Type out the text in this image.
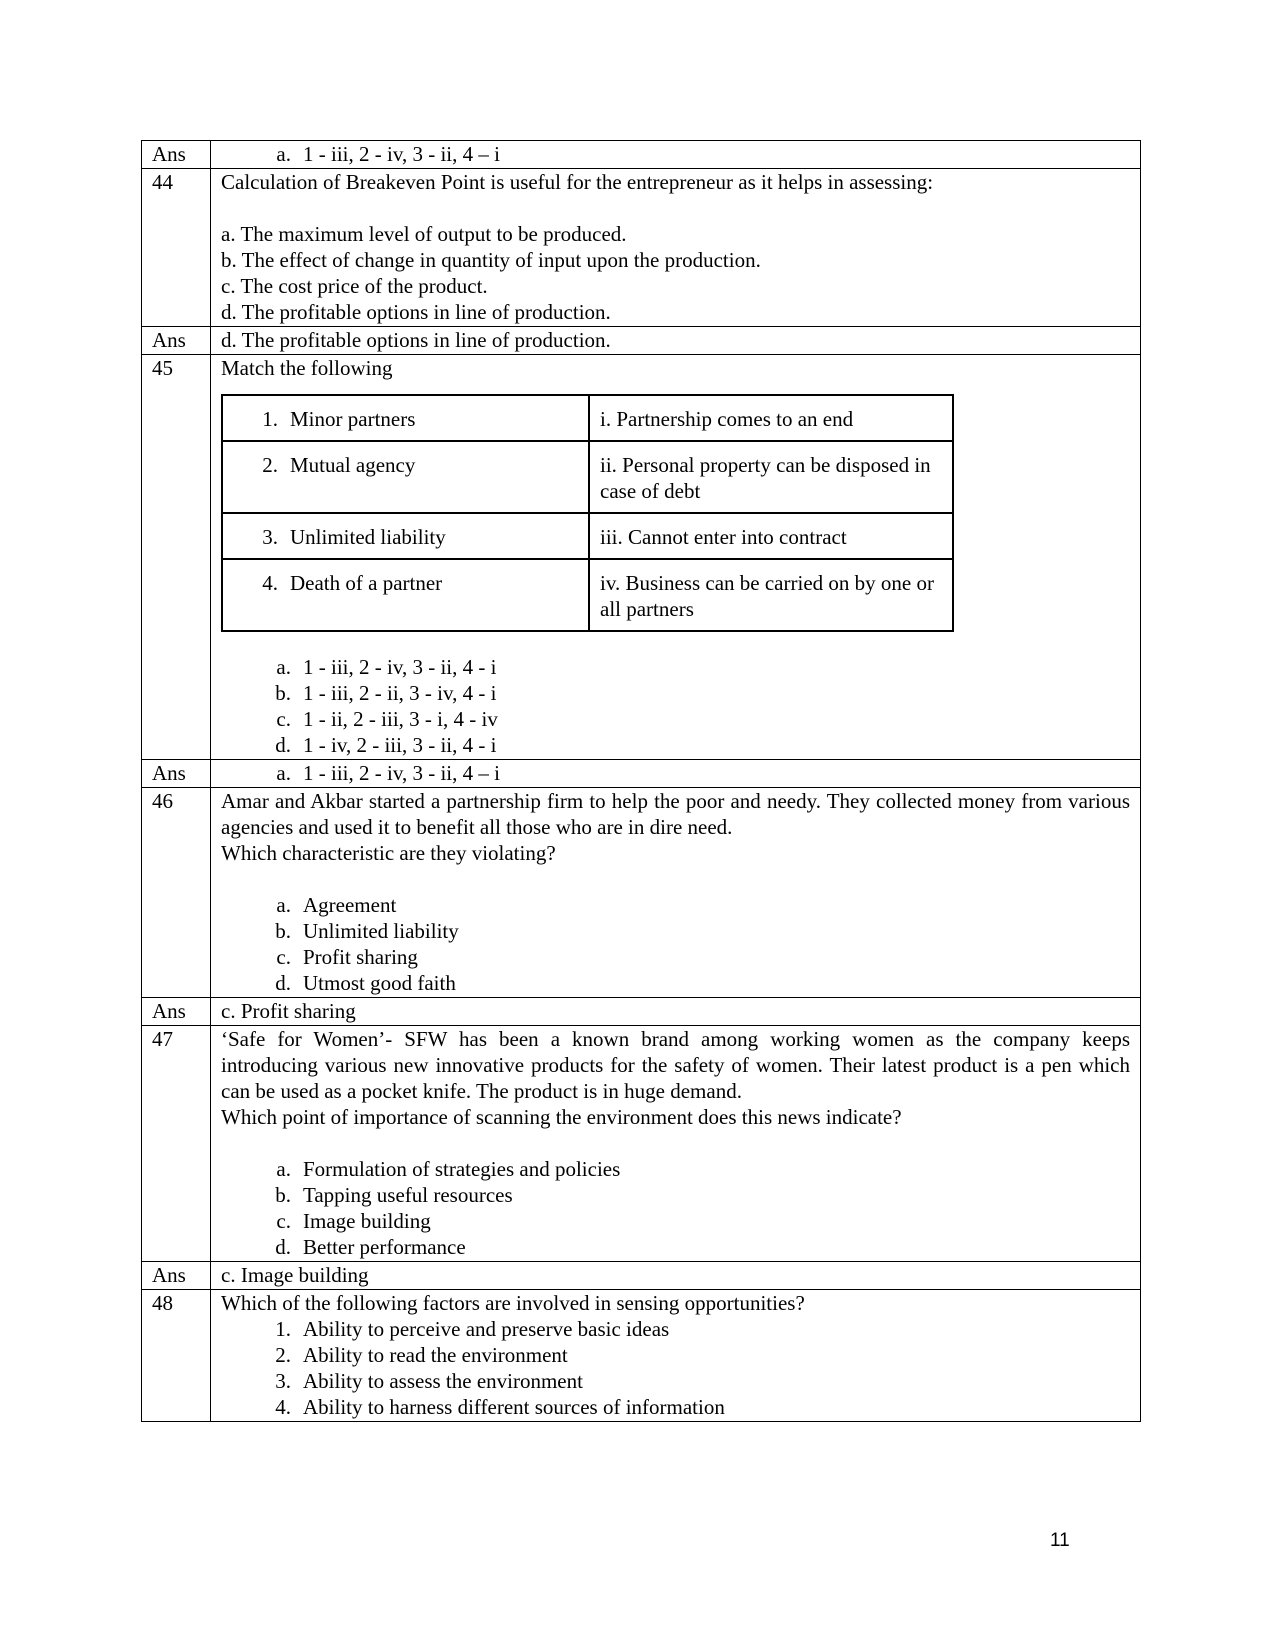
Ans	a. 1 - iii, 2 - iv, 3 - ii, 4 – i

44	Calculation of Breakeven Point is useful for the entrepreneur as it helps in assessing:
a. The maximum level of output to be produced.
b. The effect of change in quantity of input upon the production.
c. The cost price of the product.
d. The profitable options in line of production.

Ans	d. The profitable options in line of production.
45	Match the following
1. Minor partners	i. Partnership comes to an end
2. Mutual agency	ii. Personal property can be disposed in case of debt
3. Unlimited liability	iii. Cannot enter into contract
4. Death of a partner	iv. Business can be carried on by one or all partners
a. 1 - iii, 2 - iv, 3 - ii, 4 - i
b. 1 - iii, 2 - ii, 3 - iv, 4 - i
c. 1 - ii, 2 - iii, 3 - i, 4 - iv
d. 1 - iv, 2 - iii, 3 - ii, 4 - i

Ans	a. 1 - iii, 2 - iv, 3 - ii, 4 – i

46	Amar and Akbar started a partnership firm to help the poor and needy. They collected money from various agencies and used it to benefit all those who are in dire need.
Which characteristic are they violating?
a. Agreement
b. Unlimited liability
c. Profit sharing
d. Utmost good faith

Ans	c. Profit sharing
47	‘Safe for Women’- SFW has been a known brand among working women as the company keeps introducing various new innovative products for the safety of women. Their latest product is a pen which can be used as a pocket knife. The product is in huge demand.
Which point of importance of scanning the environment does this news indicate?
a. Formulation of strategies and policies
b. Tapping useful resources
c. Image building
d. Better performance

Ans	c. Image building
48	Which of the following factors are involved in sensing opportunities?
1. Ability to perceive and preserve basic ideas
2. Ability to read the environment
3. Ability to assess the environment
4. Ability to harness different sources of information
11
